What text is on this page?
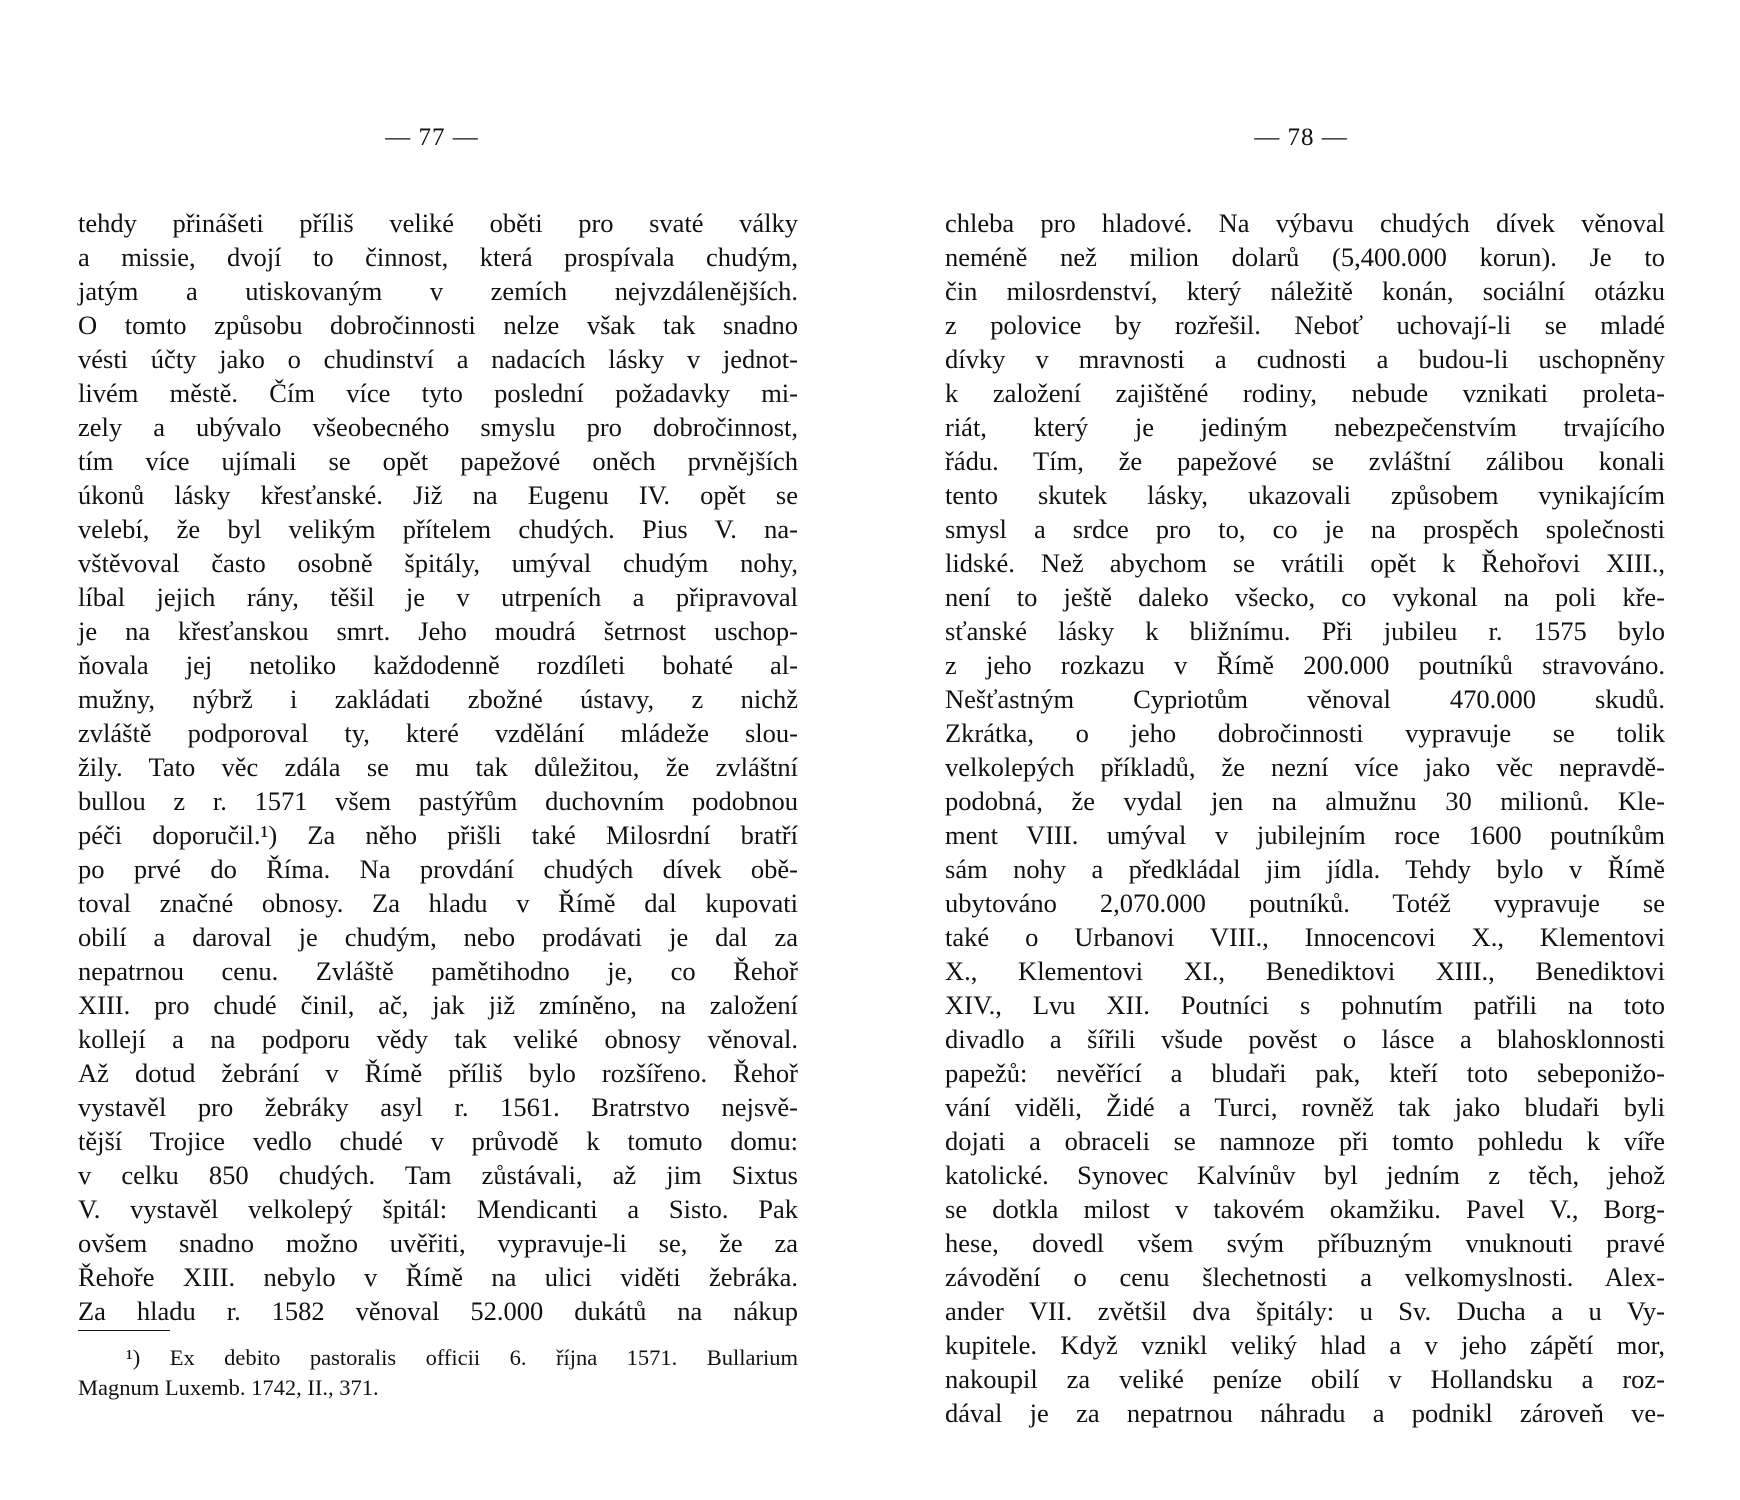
— 77 —
tehdy přinášeti příliš veliké oběti pro svaté války
a missie, dvojí to činnost, která prospívala chudým,
jatým a utiskovaným v zemích nejvzdálenějších.
O tomto způsobu dobročinnosti nelze však tak snadno
vésti účty jako o chudinství a nadacích lásky v jednot-
livém městě. Čím více tyto poslední požadavky mi-
zely a ubývalo všeobecného smyslu pro dobročinnost,
tím více ujímali se opět papežové oněch prvnějších
úkonů lásky křesťanské. Již na Eugenu IV. opět se
velebí, že byl velikým přítelem chudých. Pius V. na-
vštěvoval často osobně špitály, umýval chudým nohy,
líbal jejich rány, těšil je v utrpeních a připravoval
je na křesťanskou smrt. Jeho moudrá šetrnost uschop-
ňovala jej netoliko každodenně rozdíleti bohaté al-
mužny, nýbrž i zakládati zbožné ústavy, z nichž
zvláště podporoval ty, které vzdělání mládeže slou-
žily. Tato věc zdála se mu tak důležitou, že zvláštní
bullou z r. 1571 všem pastýřům duchovním podobnou
péči doporučil.¹) Za něho přišli také Milosrdní bratří
po prvé do Říma. Na provdání chudých dívek obě-
toval značné obnosy. Za hladu v Římě dal kupovati
obilí a daroval je chudým, nebo prodávati je dal za
nepatrnou cenu. Zvláště pamětihodno je, co Řehoř
XIII. pro chudé činil, ač, jak již zmíněno, na založení
kollejí a na podporu vědy tak veliké obnosy věnoval.
Až dotud žebrání v Římě příliš bylo rozšířeno. Řehoř
vystavěl pro žebráky asyl r. 1561. Bratrstvo nejsvě-
tější Trojice vedlo chudé v průvodě k tomuto domu:
v celku 850 chudých. Tam zůstávali, až jim Sixtus
V. vystavěl velkolepý špitál: Mendicanti a Sisto. Pak
ovšem snadno možno uvěřiti, vypravuje-li se, že za
Řehoře XIII. nebylo v Římě na ulici viděti žebráka.
Za hladu r. 1582 věnoval 52.000 dukátů na nákup
¹) Ex debito pastoralis officii 6. října 1571. Bullarium
Magnum Luxemb. 1742, II., 371.
— 78 —
chleba pro hladové. Na výbavu chudých dívek věnoval
neméně než milion dolarů (5,400.000 korun). Je to
čin milosrdenství, který náležitě konán, sociální otázku
z polovice by rozřešil. Neboť uchovají-li se mladé
dívky v mravnosti a cudnosti a budou-li uschopněny
k založení zajištěné rodiny, nebude vznikati proleta-
riát, který je jediným nebezpečenstvím trvajícího
řádu. Tím, že papežové se zvláštní zálibou konali
tento skutek lásky, ukazovali způsobem vynikajícím
smysl a srdce pro to, co je na prospěch společnosti
lidské. Než abychom se vrátili opět k Řehořovi XIII.,
není to ještě daleko všecko, co vykonal na poli kře-
sťanské lásky k bližnímu. Při jubileu r. 1575 bylo
z jeho rozkazu v Římě 200.000 poutníků stravováno.
Nešťastným Cypriotům věnoval 470.000 skudů.
Zkrátka, o jeho dobročinnosti vypravuje se tolik
velkolepých příkladů, že nezní více jako věc nepravdě-
podobná, že vydal jen na almužnu 30 milionů. Kle-
ment VIII. umýval v jubilejním roce 1600 poutníkům
sám nohy a předkládal jim jídla. Tehdy bylo v Římě
ubytováno 2,070.000 poutníků. Totéž vypravuje se
také o Urbanovi VIII., Innocencovi X., Klementovi
X., Klementovi XI., Benediktovi XIII., Benediktovi
XIV., Lvu XII. Poutníci s pohnutím patřili na toto
divadlo a šířili všude pověst o lásce a blahosklonnosti
papežů: nevěřící a bludaři pak, kteří toto sebeponižo-
vání viděli, Židé a Turci, rovněž tak jako bludaři byli
dojati a obraceli se namnoze při tomto pohledu k víře
katolické. Synovec Kalvínův byl jedním z těch, jehož
se dotkla milost v takovém okamžiku. Pavel V., Borg-
hese, dovedl všem svým příbuzným vnuknouti pravé
závodění o cenu šlechetnosti a velkomyslnosti. Alex-
ander VII. zvětšil dva špitály: u Sv. Ducha a u Vy-
kupitele. Když vznikl veliký hlad a v jeho zápětí mor,
nakoupil za veliké peníze obilí v Hollandsku a roz-
dával je za nepatrnou náhradu a podnikl zároveň ve-
